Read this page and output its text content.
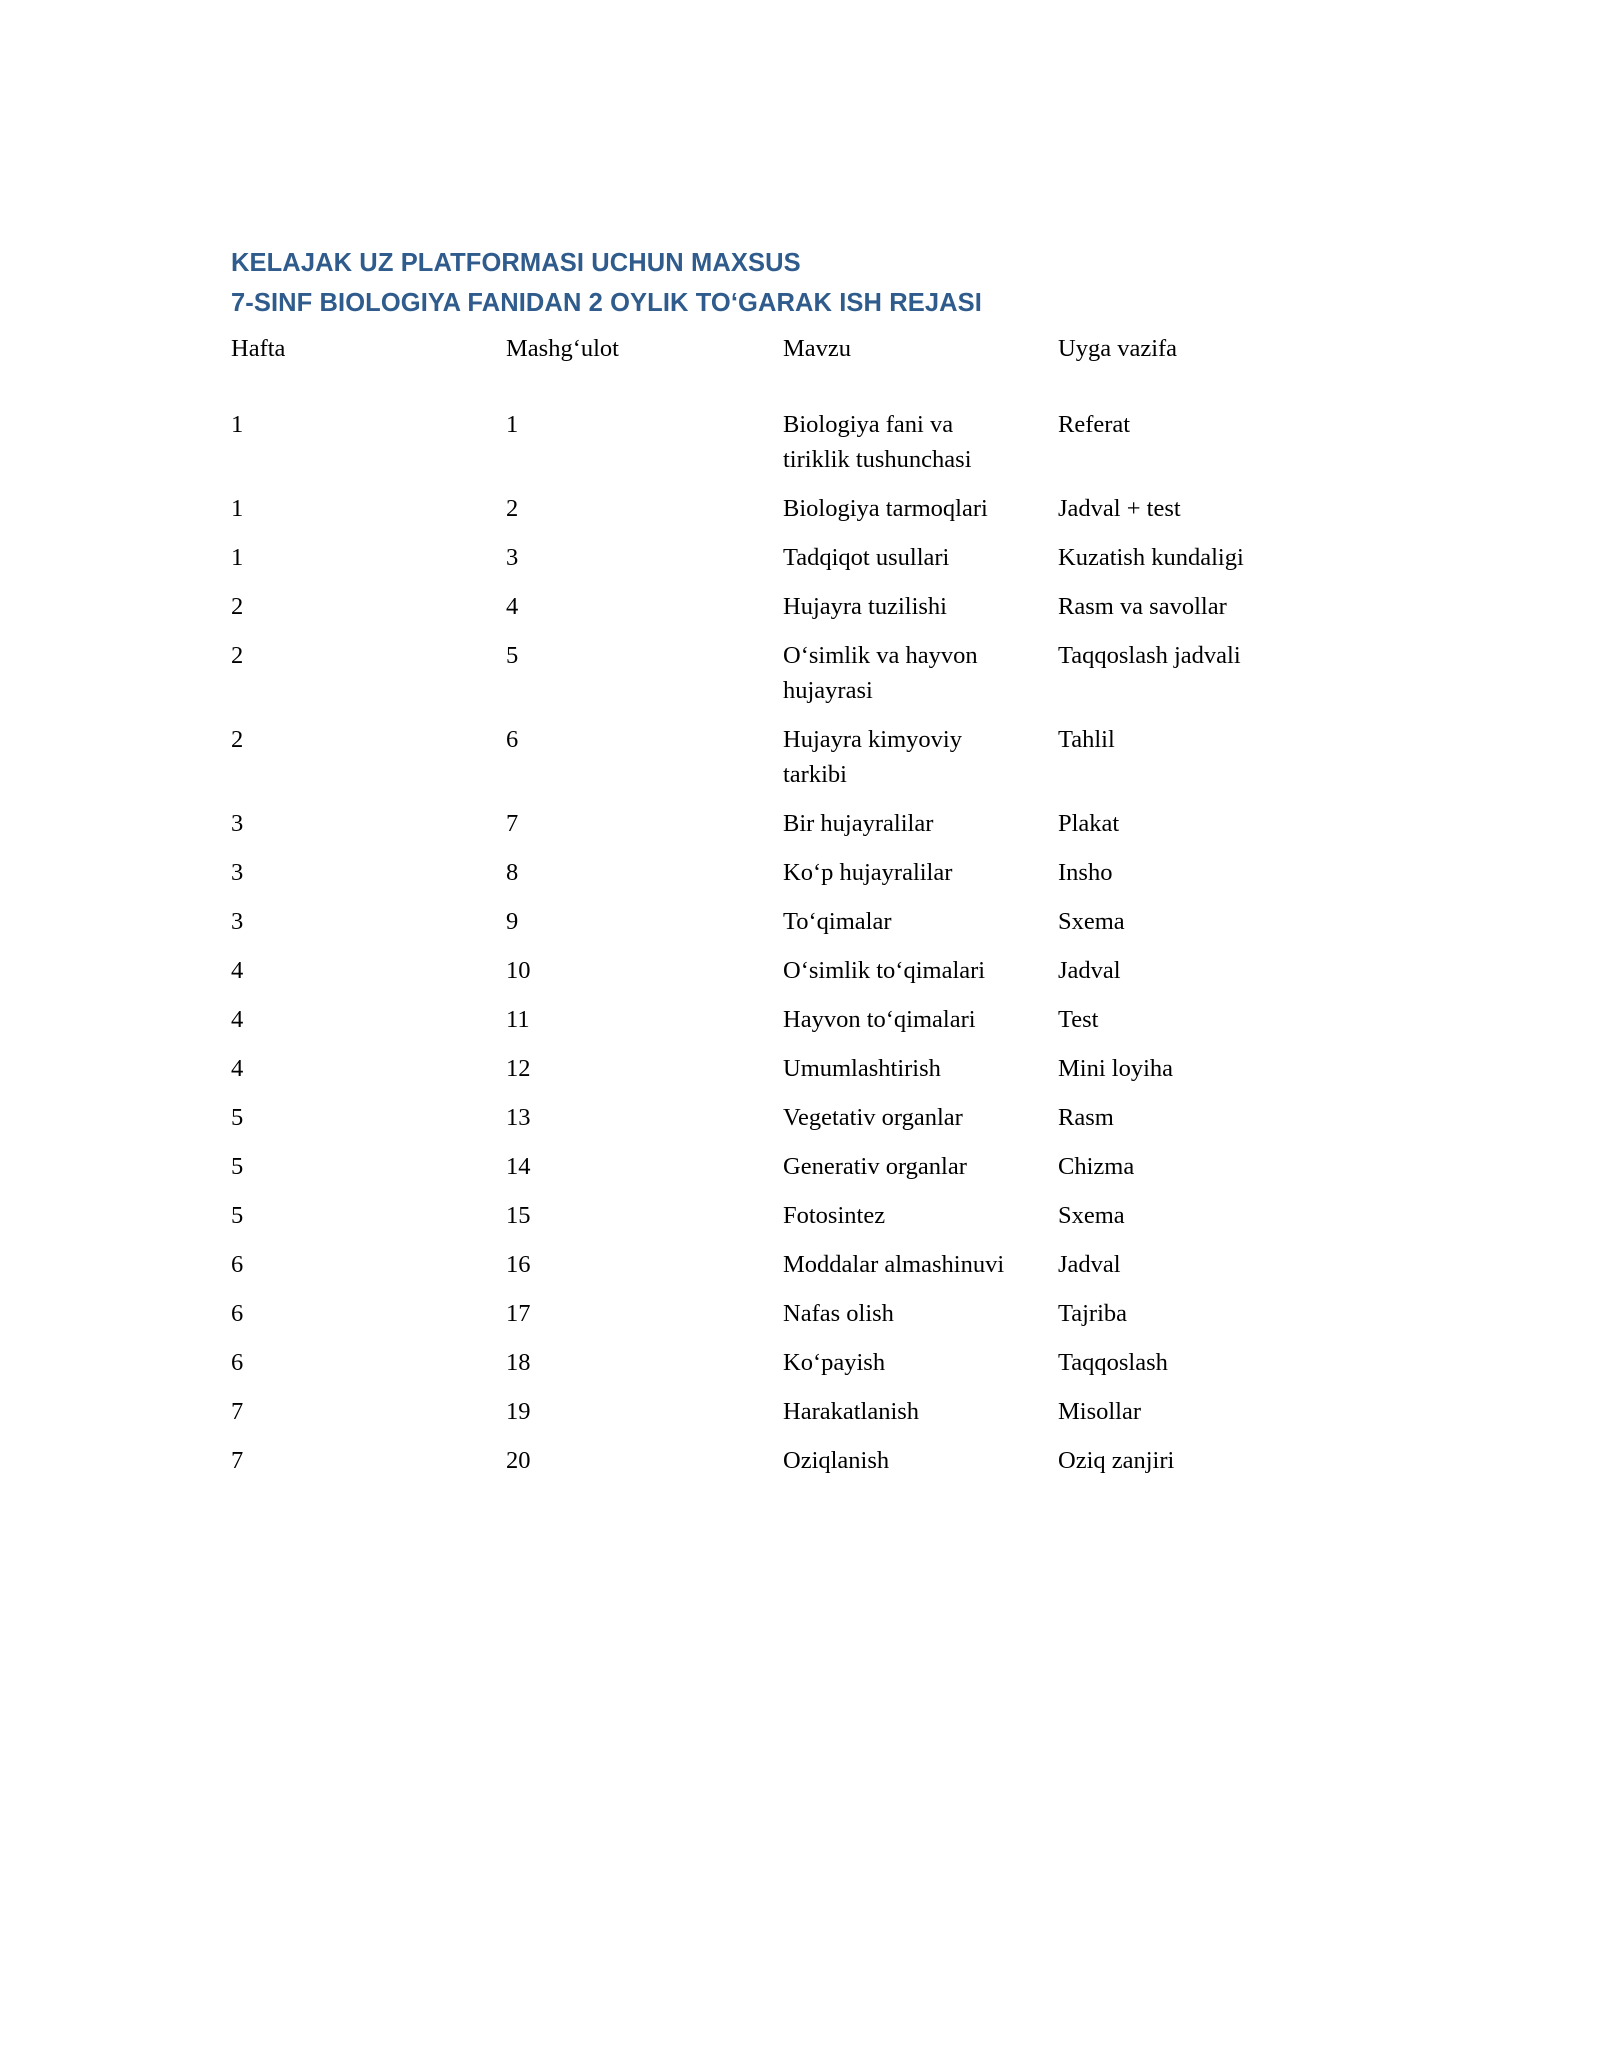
KELAJAK UZ PLATFORMASI UCHUN MAXSUS
7-SINF BIOLOGIYA FANIDAN 2 OYLIK TO‘GARAK ISH REJASI
Hafta	Mashg‘ulot	Mavzu	Uyga vazifa

1	1	Biologiya fani va tiriklik tushunchasi	Referat

1	2	Biologiya tarmoqlari	Jadval + test

1	3	Tadqiqot usullari	Kuzatish kundaligi

2	4	Hujayra tuzilishi	Rasm va savollar

2	5	O‘simlik va hayvon hujayrasi	Taqqoslash jadvali

2	6	Hujayra kimyoviy tarkibi	Tahlil

3	7	Bir hujayralilar	Plakat

3	8	Ko‘p hujayralilar	Insho

3	9	To‘qimalar	Sxema

4	10	O‘simlik to‘qimalari	Jadval

4	11	Hayvon to‘qimalari	Test

4	12	Umumlashtirish	Mini loyiha

5	13	Vegetativ organlar	Rasm

5	14	Generativ organlar	Chizma

5	15	Fotosintez	Sxema

6	16	Moddalar almashinuvi	Jadval

6	17	Nafas olish	Tajriba

6	18	Ko‘payish	Taqqoslash

7	19	Harakatlanish	Misollar

7	20	Oziqlanish	Oziq zanjiri
